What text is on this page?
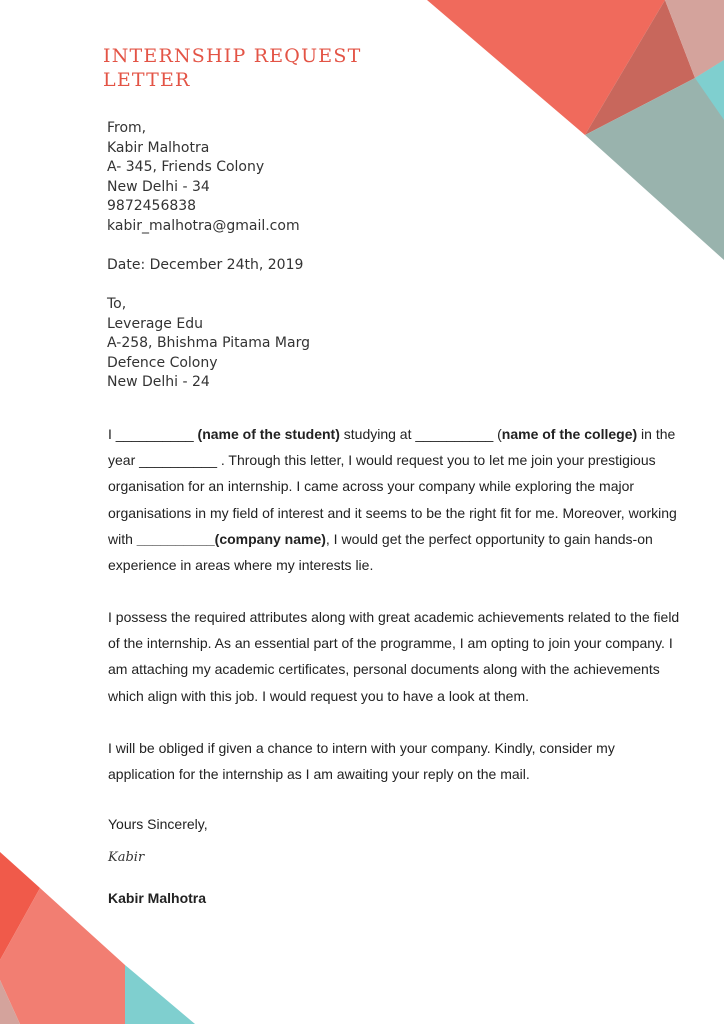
INTERNSHIP REQUEST LETTER
From,
Kabir Malhotra
A- 345, Friends Colony
New Delhi - 34
9872456838
kabir_malhotra@gmail.com
Date: December 24th, 2019
To,
Leverage Edu
A-258, Bhishma Pitama Marg
Defence Colony
New Delhi - 24

I __________ (name of the student) studying at __________ (name of the college) in the year __________ . Through this letter, I would request you to let me join your prestigious organisation for an internship. I came across your company while exploring the major organisations in my field of interest and it seems to be the right fit for me. Moreover, working with __________(company name), I would get the perfect opportunity to gain hands-on experience in areas where my interests lie.

I possess the required attributes along with great academic achievements related to the field of the internship. As an essential part of the programme, I am opting to join your company. I am attaching my academic certificates, personal documents along with the achievements which align with this job. I would request you to have a look at them.

I will be obliged if given a chance to intern with your company. Kindly, consider my application for the internship as I am awaiting your reply on the mail.

Yours Sincerely,
Kabir
Kabir Malhotra
